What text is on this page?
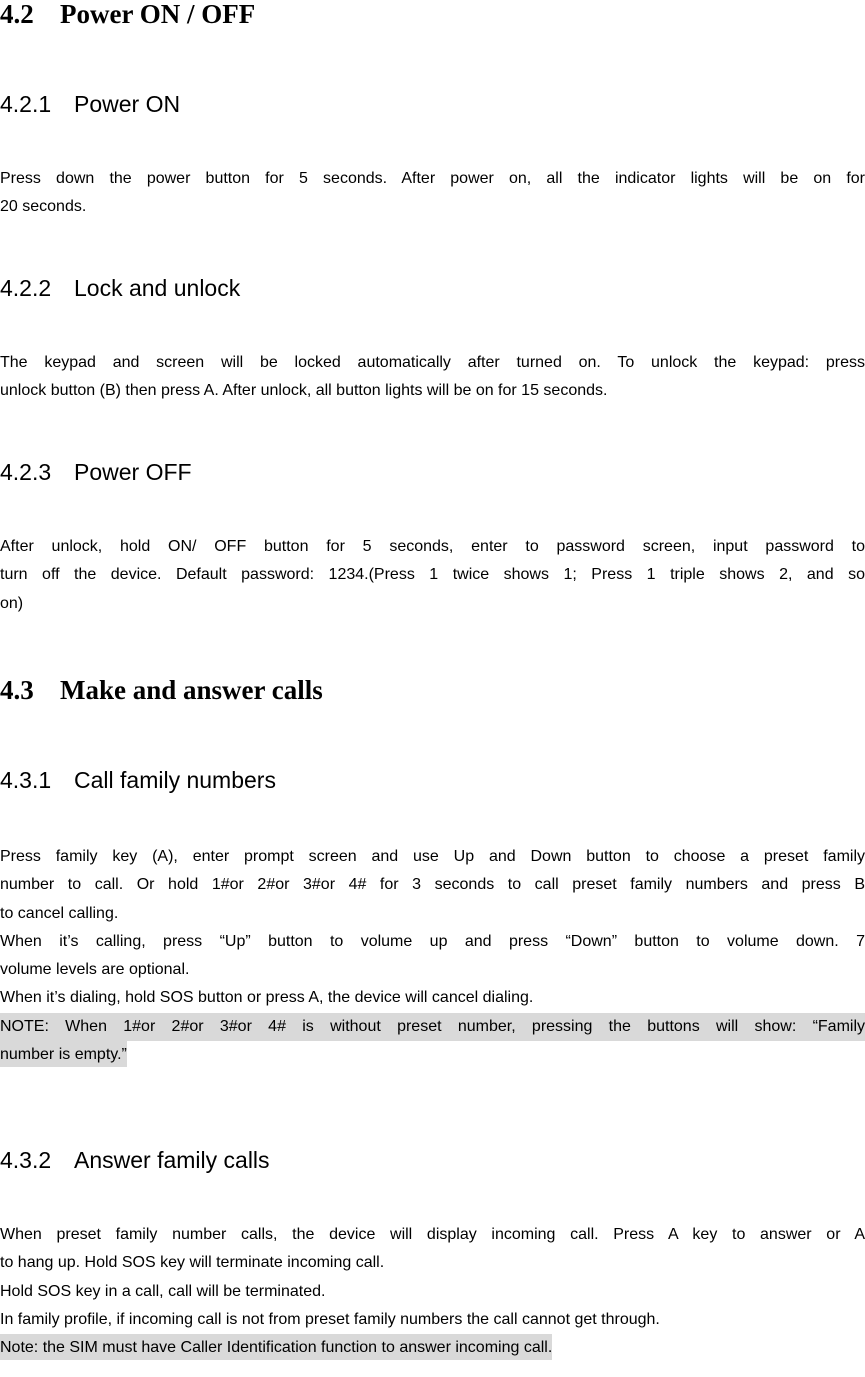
4.2 Power ON / OFF
4.2.1 Power ON
Press down the power button for 5 seconds. After power on, all the indicator lights will be on for
20 seconds.
4.2.2 Lock and unlock
The keypad and screen will be locked automatically after turned on. To unlock the keypad: press
unlock button (B) then press A. After unlock, all button lights will be on for 15 seconds.
4.2.3 Power OFF
After unlock, hold ON/ OFF button for 5 seconds, enter to password screen, input password to
turn off the device. Default password: 1234.(Press 1 twice shows 1; Press 1 triple shows 2, and so
on)
4.3 Make and answer calls
4.3.1 Call family numbers
Press family key (A), enter prompt screen and use Up and Down button to choose a preset family
number to call. Or hold 1#or 2#or 3#or 4# for 3 seconds to call preset family numbers and press B
to cancel calling.
When it’s calling, press “Up” button to volume up and press “Down” button to volume down. 7
volume levels are optional.
When it’s dialing, hold SOS button or press A, the device will cancel dialing.
NOTE: When 1#or 2#or 3#or 4# is without preset number, pressing the buttons will show: “Family
number is empty.”
4.3.2 Answer family calls
When preset family number calls, the device will display incoming call. Press A key to answer or A
to hang up. Hold SOS key will terminate incoming call.
Hold SOS key in a call, call will be terminated.
In family profile, if incoming call is not from preset family numbers the call cannot get through.
Note: the SIM must have Caller Identification function to answer incoming call.
